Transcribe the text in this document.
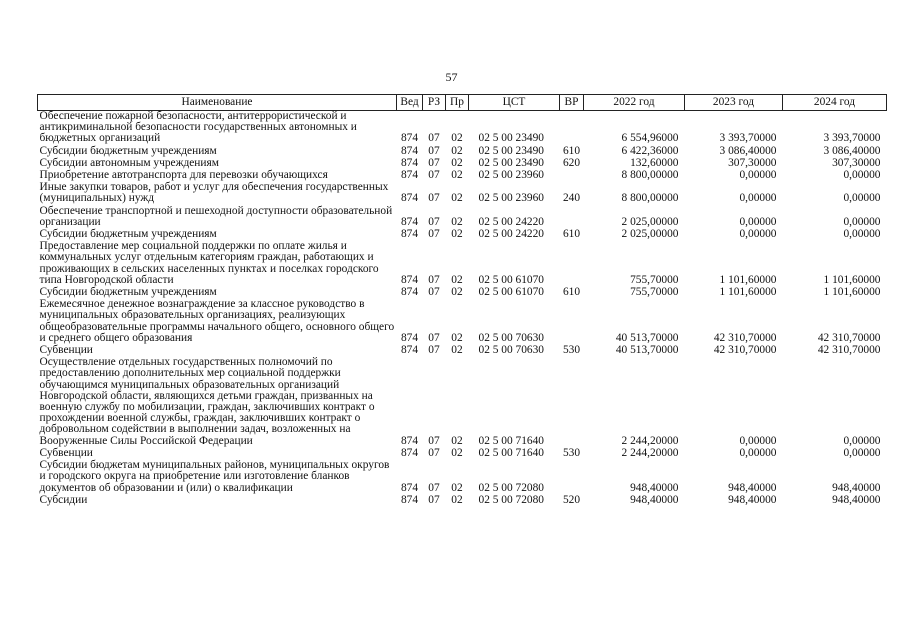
57
Наименование	Вед	РЗ	Пр	ЦСТ	ВР	2022 год	2023 год	2024 год
Обеспечение пожарной безопасности, антитеррористической и антикриминальной безопасности государственных автономных и бюджетных организаций	874	07	02	02 5 00 23490		6 554,96000	3 393,70000	3 393,70000
Субсидии бюджетным учреждениям	874	07	02	02 5 00 23490	610	6 422,36000	3 086,40000	3 086,40000
Субсидии автономным учреждениям	874	07	02	02 5 00 23490	620	132,60000	307,30000	307,30000
Приобретение автотранспорта для перевозки обучающихся	874	07	02	02 5 00 23960		8 800,00000	0,00000	0,00000
Иные закупки товаров, работ и услуг для обеспечения государственных (муниципальных) нужд	874	07	02	02 5 00 23960	240	8 800,00000	0,00000	0,00000
Обеспечение транспортной и пешеходной доступности образовательной организации	874	07	02	02 5 00 24220		2 025,00000	0,00000	0,00000
Субсидии бюджетным учреждениям	874	07	02	02 5 00 24220	610	2 025,00000	0,00000	0,00000
Предоставление мер социальной поддержки по оплате жилья и коммунальных услуг отдельным категориям граждан, работающих и проживающих в сельских населенных пунктах и поселках городского типа Новгородской области	874	07	02	02 5 00 61070		755,70000	1 101,60000	1 101,60000
Субсидии бюджетным учреждениям	874	07	02	02 5 00 61070	610	755,70000	1 101,60000	1 101,60000
Ежемесячное денежное вознаграждение за классное руководство в муниципальных образовательных организациях, реализующих общеобразовательные программы начального общего, основного общего и среднего общего образования	874	07	02	02 5 00 70630		40 513,70000	42 310,70000	42 310,70000
Субвенции	874	07	02	02 5 00 70630	530	40 513,70000	42 310,70000	42 310,70000
Осуществление отдельных государственных полномочий по предоставлению дополнительных мер социальной поддержки обучающимся муниципальных образовательных организаций Новгородской области, являющихся детьми граждан, призванных на военную службу по мобилизации, граждан, заключивших контракт о прохождении военной службы, граждан, заключивших контракт о добровольном содействии в выполнении задач, возложенных на Вооруженные Силы Российской Федерации	874	07	02	02 5 00 71640		2 244,20000	0,00000	0,00000
Субвенции	874	07	02	02 5 00 71640	530	2 244,20000	0,00000	0,00000
Субсидии бюджетам муниципальных районов, муниципальных округов и городского округа на приобретение или изготовление бланков документов об образовании и (или) о квалификации	874	07	02	02 5 00 72080		948,40000	948,40000	948,40000
Субсидии	874	07	02	02 5 00 72080	520	948,40000	948,40000	948,40000
